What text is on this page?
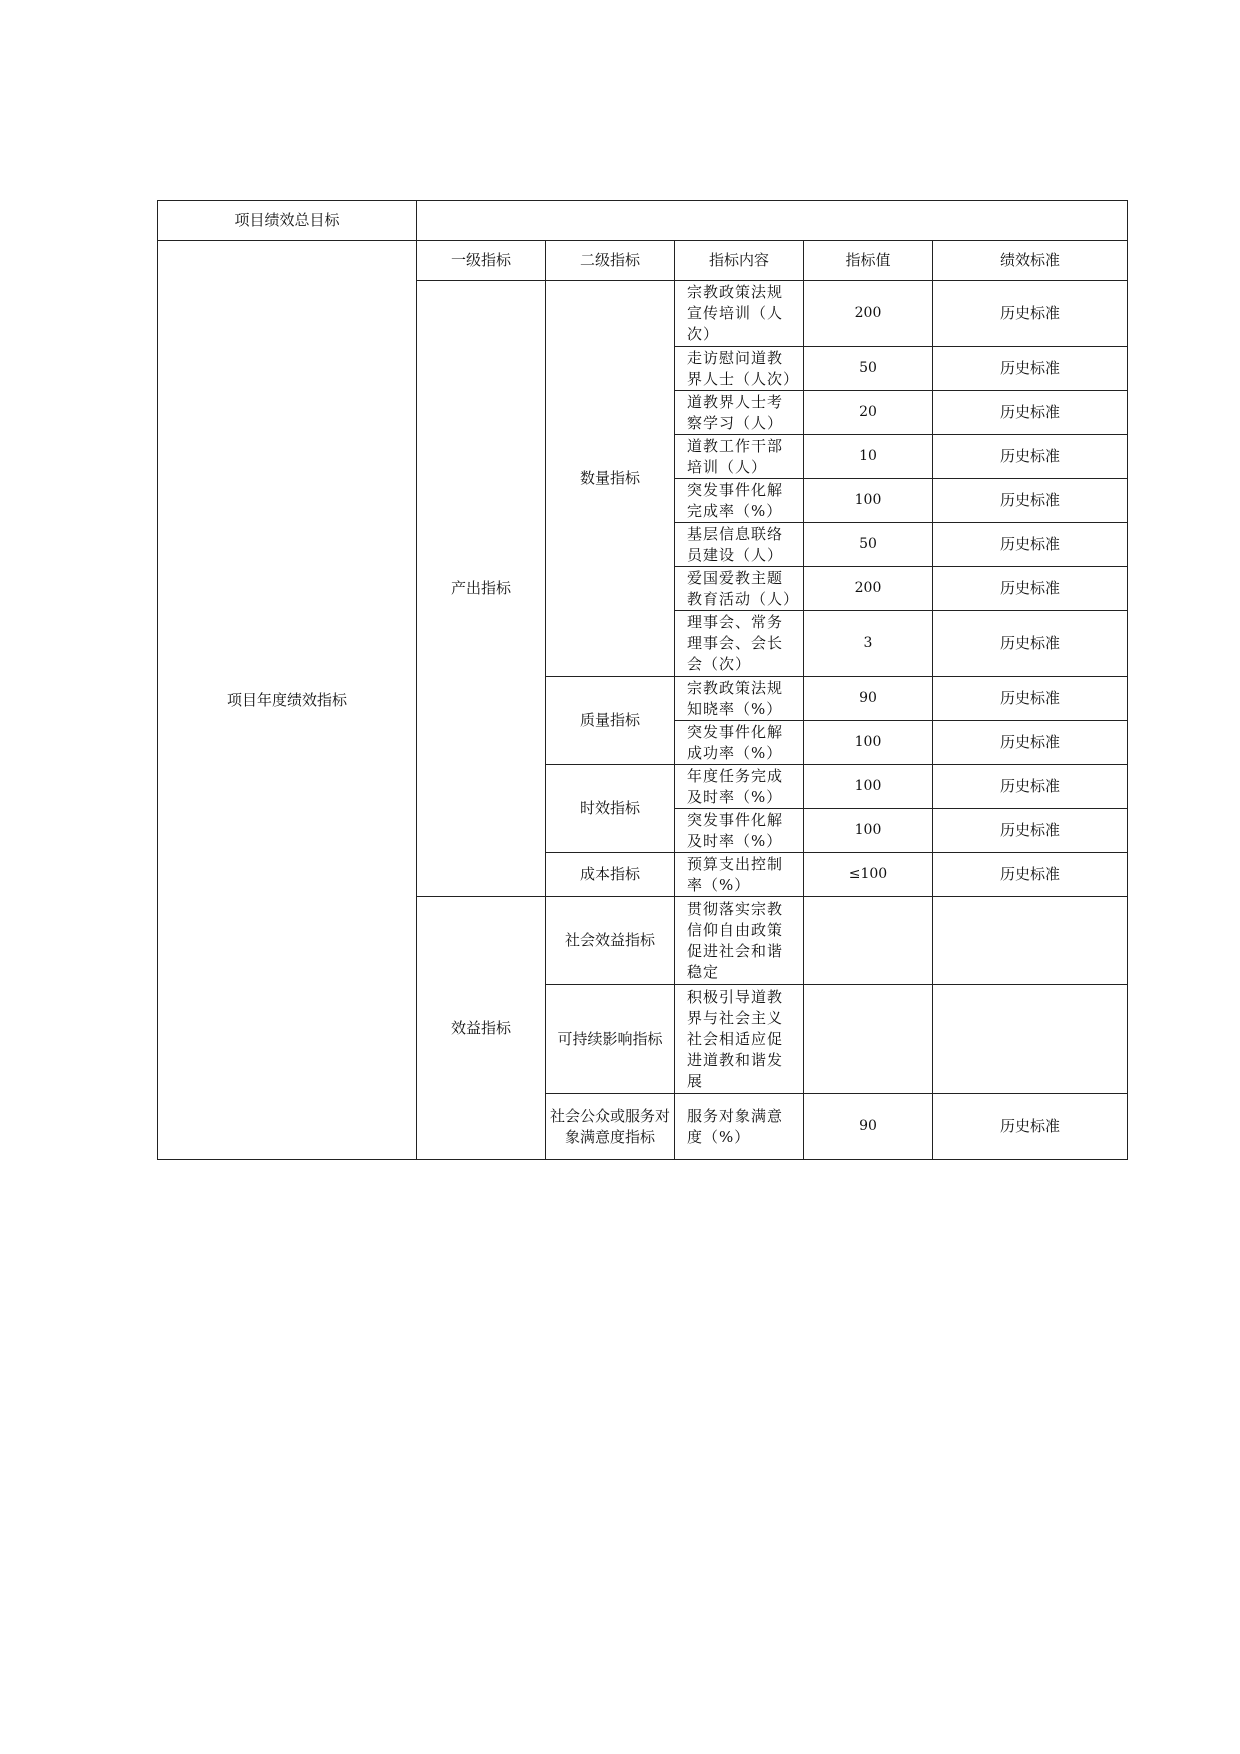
项目绩效总目标					
项目年度绩效指标	一级指标	二级指标	指标内容	指标值	绩效标准
	产出指标	数量指标	宗教政策法规宣传培训（人次）	200	历史标准
			走访慰问道教界人士（人次）	50	历史标准
			道教界人士考察学习（人）	20	历史标准
			道教工作干部培训（人）	10	历史标准
			突发事件化解完成率（%）	100	历史标准
			基层信息联络员建设（人）	50	历史标准
			爱国爱教主题教育活动（人）	200	历史标准
			理事会、常务理事会、会长会（次）	3	历史标准
		质量指标	宗教政策法规知晓率（%）	90	历史标准
			突发事件化解成功率（%）	100	历史标准
		时效指标	年度任务完成及时率（%）	100	历史标准
			突发事件化解及时率（%）	100	历史标准
		成本指标	预算支出控制率（%）	≤100	历史标准
	效益指标	社会效益指标	贯彻落实宗教信仰自由政策促进社会和谐稳定		
		可持续影响指标	积极引导道教界与社会主义社会相适应促进道教和谐发展		
		社会公众或服务对象满意度指标	服务对象满意度（%）	90	历史标准
